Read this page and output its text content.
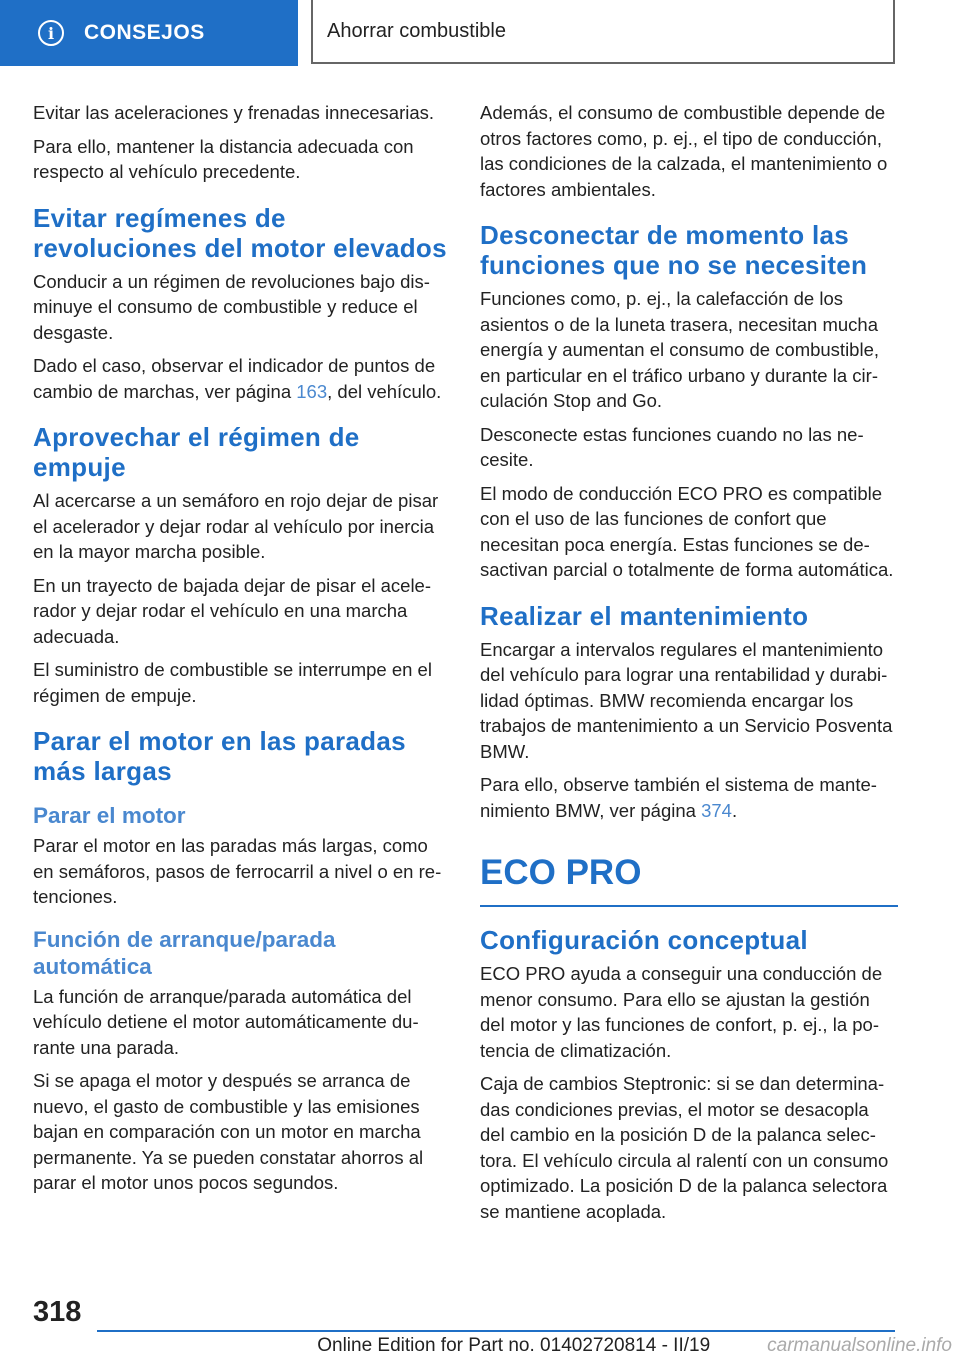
i	CONSEJOS	Ahorrar combustible

Evitar las aceleraciones y frenadas innecesarias.

Para ello, mantener la distancia adecuada con respecto al vehículo precedente.

Evitar regímenes de revoluciones del motor elevados

Conducir a un régimen de revoluciones bajo disminuye el consumo de combustible y reduce el desgaste.

Dado el caso, observar el indicador de puntos de cambio de marchas, ver página 163, del vehículo.

Aprovechar el régimen de empuje

Al acercarse a un semáforo en rojo dejar de pisar el acelerador y dejar rodar al vehículo por inercia en la mayor marcha posible.

En un trayecto de bajada dejar de pisar el acelerador y dejar rodar el vehículo en una marcha adecuada.

El suministro de combustible se interrumpe en el régimen de empuje.

Parar el motor en las paradas más largas
Parar el motor

Parar el motor en las paradas más largas, como en semáforos, pasos de ferrocarril a nivel o en retenciones.

Función de arranque/parada automática

La función de arranque/parada automática del vehículo detiene el motor automáticamente durante una parada.

Si se apaga el motor y después se arranca de nuevo, el gasto de combustible y las emisiones bajan en comparación con un motor en marcha permanente. Ya se pueden constatar ahorros al parar el motor unos pocos segundos.

Además, el consumo de combustible depende de otros factores como, p. ej., el tipo de conducción, las condiciones de la calzada, el mantenimiento o factores ambientales.

Desconectar de momento las funciones que no se necesiten

Funciones como, p. ej., la calefacción de los asientos o de la luneta trasera, necesitan mucha energía y aumentan el consumo de combustible, en particular en el tráfico urbano y durante la circulación Stop and Go.

Desconecte estas funciones cuando no las necesite.

El modo de conducción ECO PRO es compatible con el uso de las funciones de confort que necesitan poca energía. Estas funciones se desactivan parcial o totalmente de forma automática.

Realizar el mantenimiento

Encargar a intervalos regulares el mantenimiento del vehículo para lograr una rentabilidad y durabilidad óptimas. BMW recomienda encargar los trabajos de mantenimiento a un Servicio Posventa BMW.

Para ello, observe también el sistema de mantenimiento BMW, ver página 374.

ECO PRO
Configuración conceptual

ECO PRO ayuda a conseguir una conducción de menor consumo. Para ello se ajustan la gestión del motor y las funciones de confort, p. ej., la potencia de climatización.

Caja de cambios Steptronic: si se dan determinadas condiciones previas, el motor se desacopla del cambio en la posición D de la palanca selectora. El vehículo circula al ralentí con un consumo optimizado. La posición D de la palanca selectora se mantiene acoplada.

318
Online Edition for Part no. 01402720814 - II/19	carmanualsonline.info
